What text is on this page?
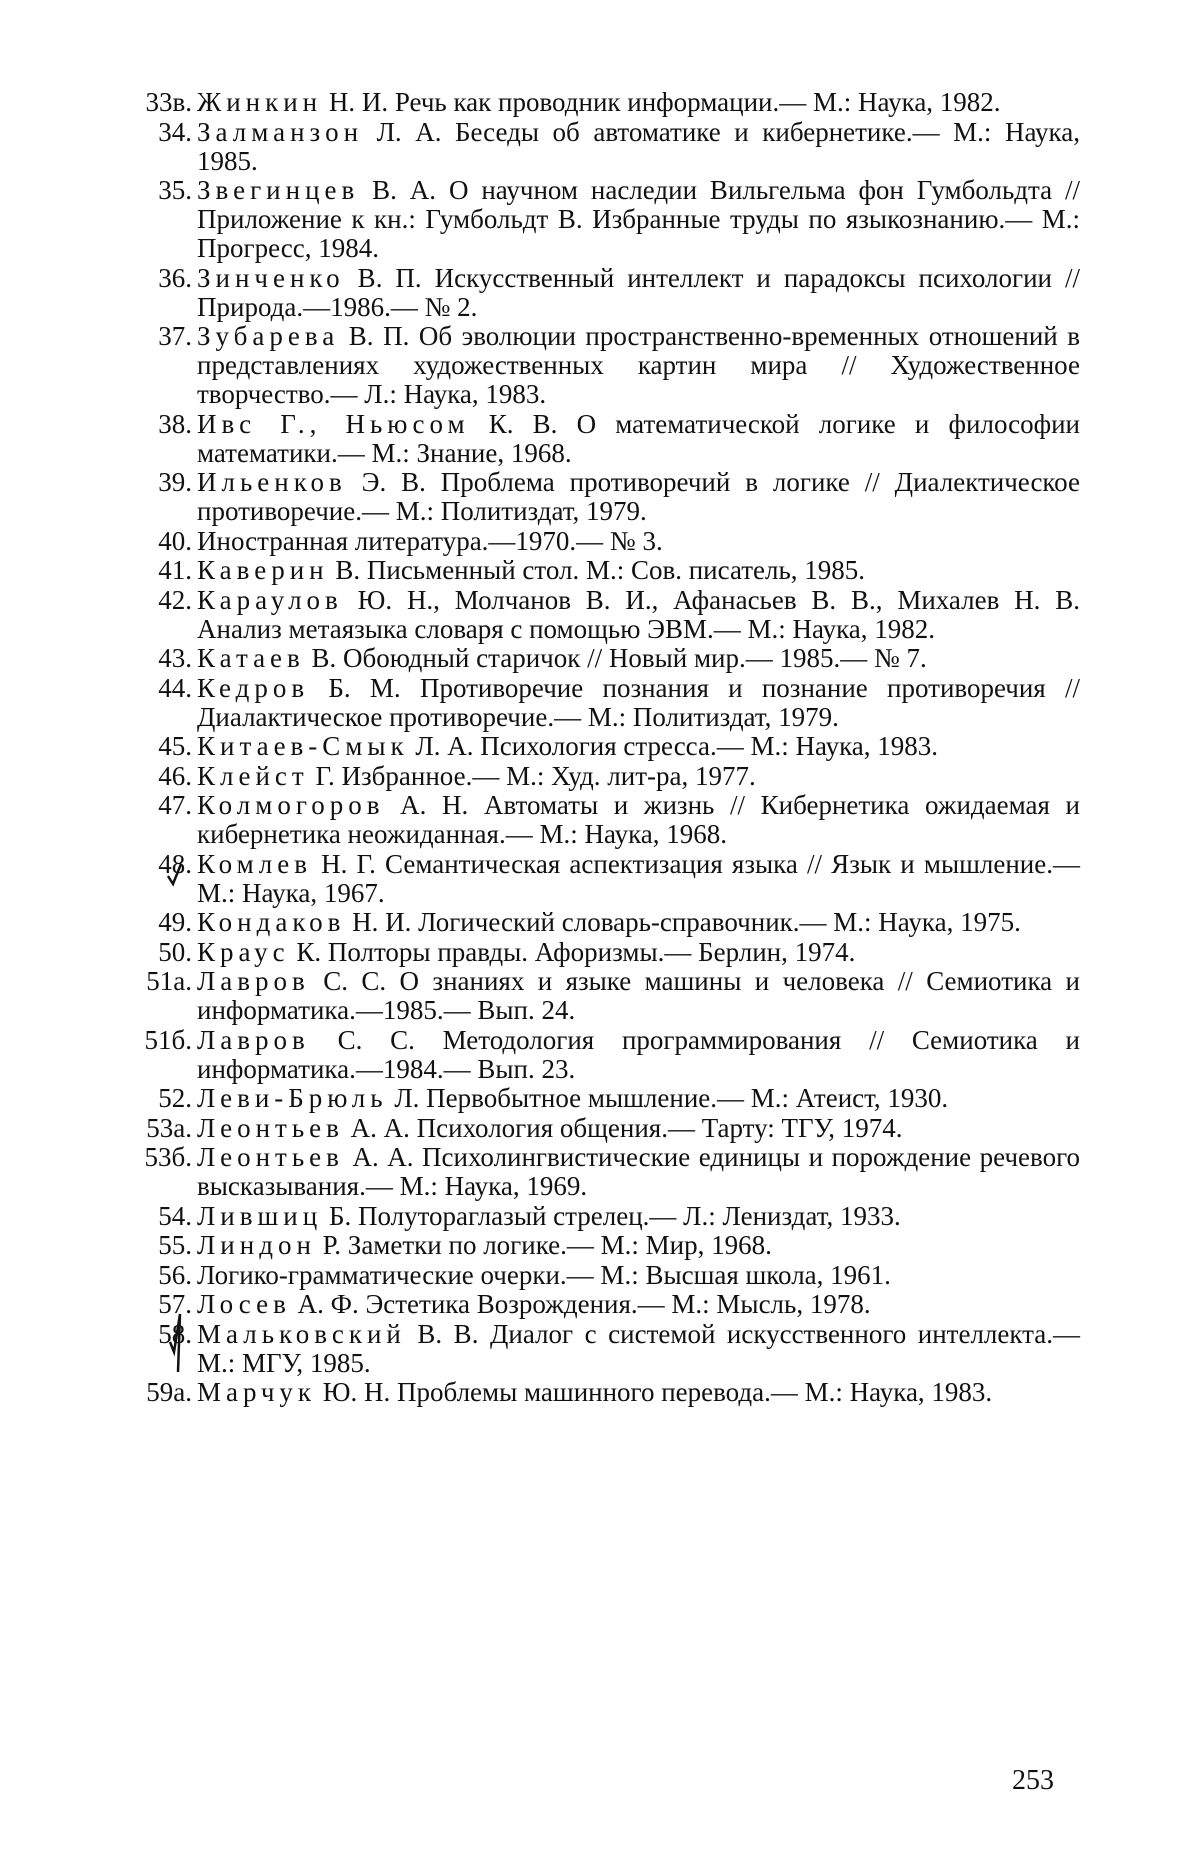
33в. Жинкин Н. И. Речь как проводник информации.— М.: Наука, 1982.

34. Залманзон Л. А. Беседы об автоматике и кибернетике.— М.: Наука, 1985.

35. Звегинцев В. А. О научном наследии Вильгельма фон Гумбольдта // Приложение к кн.: Гумбольдт В. Избранные труды по языкознанию.— М.: Прогресс, 1984.

36. Зинченко В. П. Искусственный интеллект и парадоксы психологии // Природа.—1986.— № 2.

37. Зубарева В. П. Об эволюции пространственно-временных отношений в представлениях художественных картин мира // Художественное творчество.— Л.: Наука, 1983.

38. Ивс Г., Ньюсом К. В. О математической логике и философии математики.— М.: Знание, 1968.

39. Ильенков Э. В. Проблема противоречий в логике // Диалектическое противоречие.— М.: Политиздат, 1979.

40. Иностранная литература.—1970.— № 3.

41. Каверин В. Письменный стол. М.: Сов. писатель, 1985.

42. Караулов Ю. Н., Молчанов В. И., Афанасьев В. В., Михалев Н. В. Анализ метаязыка словаря с помощью ЭВМ.— М.: Наука, 1982.

43. Катаев В. Обоюдный старичок // Новый мир.— 1985.— № 7.

44. Кедров Б. М. Противоречие познания и познание противоречия // Диалактическое противоречие.— М.: Политиздат, 1979.

45. Китаев-Смык Л. А. Психология стресса.— М.: Наука, 1983.

46. Клейст Г. Избранное.— М.: Худ. лит-ра, 1977.

47. Колмогоров А. Н. Автоматы и жизнь // Кибернетика ожидаемая и кибернетика неожиданная.— М.: Наука, 1968.

48. Комлев Н. Г. Семантическая аспектизация языка // Язык и мышление.— М.: Наука, 1967.

49. Кондаков Н. И. Логический словарь-справочник.— М.: Наука, 1975.

50. Краус К. Полторы правды. Афоризмы.— Берлин, 1974.

51а. Лавров С. С. О знаниях и языке машины и человека // Семиотика и информатика.—1985.— Вып. 24.

51б. Лавров С. С. Методология программирования // Семиотика и информатика.—1984.— Вып. 23.

52. Леви-Брюль Л. Первобытное мышление.— М.: Атеист, 1930.

53а. Леонтьев А. А. Психология общения.— Тарту: ТГУ, 1974.

53б. Леонтьев А. А. Психолингвистические единицы и порождение речевого высказывания.— М.: Наука, 1969.

54. Лившиц Б. Полутораглазый стрелец.— Л.: Лениздат, 1933.

55. Линдон Р. Заметки по логике.— М.: Мир, 1968.

56. Логико-грамматические очерки.— М.: Высшая школа, 1961.

57. Лосев А. Ф. Эстетика Возрождения.— М.: Мысль, 1978.

58. Мальковский В. В. Диалог с системой искусственного интеллекта.— М.: МГУ, 1985.

59а. Марчук Ю. Н. Проблемы машинного перевода.— М.: Наука, 1983.

253
